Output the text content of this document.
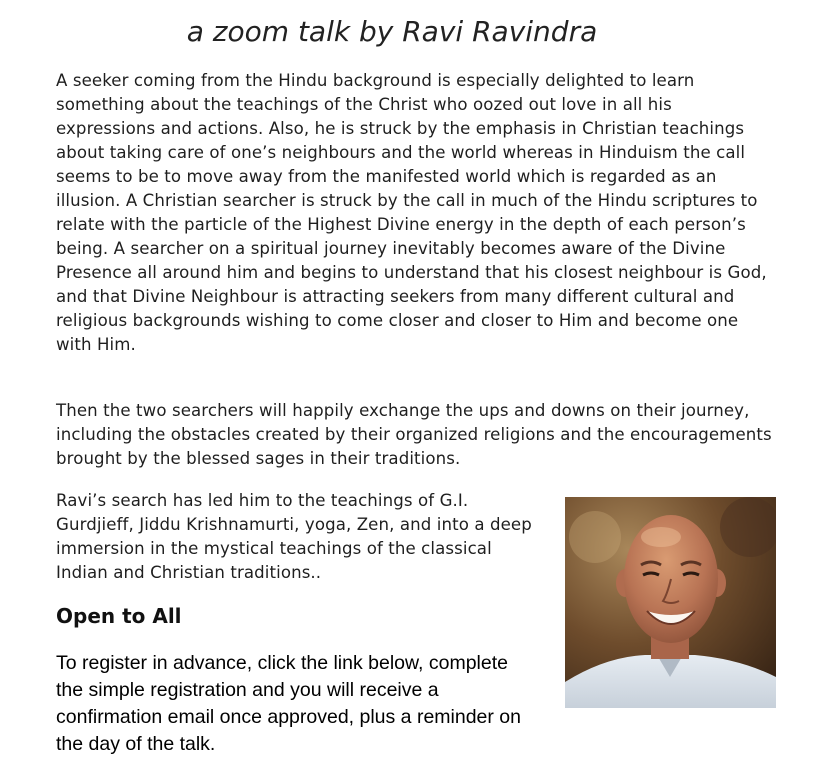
a zoom talk by Ravi Ravindra

A seeker coming from the Hindu background is especially delighted to learn something about the teachings of the Christ who oozed out love in all his expressions and actions. Also, he is struck by the emphasis in Christian teachings about taking care of one’s neighbours and the world whereas in Hinduism the call seems to be to move away from the manifested world which is regarded as an illusion. A Christian searcher is struck by the call in much of the Hindu scriptures to relate with the particle of the Highest Divine energy in the depth of each person’s being. A searcher on a spiritual journey inevitably becomes aware of the Divine Presence all around him and begins to understand that his closest neighbour is God, and that Divine Neighbour is attracting seekers from many different cultural and religious backgrounds wishing to come closer and closer to Him and become one with Him.

Then the two searchers will happily exchange the ups and downs on their journey, including the obstacles created by their organized religions and the encouragements brought by the blessed sages in their traditions.

Ravi’s search has led him to the teachings of G.I. Gurdjieff, Jiddu Krishnamurti, yoga, Zen, and into a deep immersion in the mystical teachings of the classical Indian and Christian traditions..

Open to All

To register in advance, click the link below, complete the simple registration and you will receive a confirmation email once approved, plus a reminder on the day of the talk.
